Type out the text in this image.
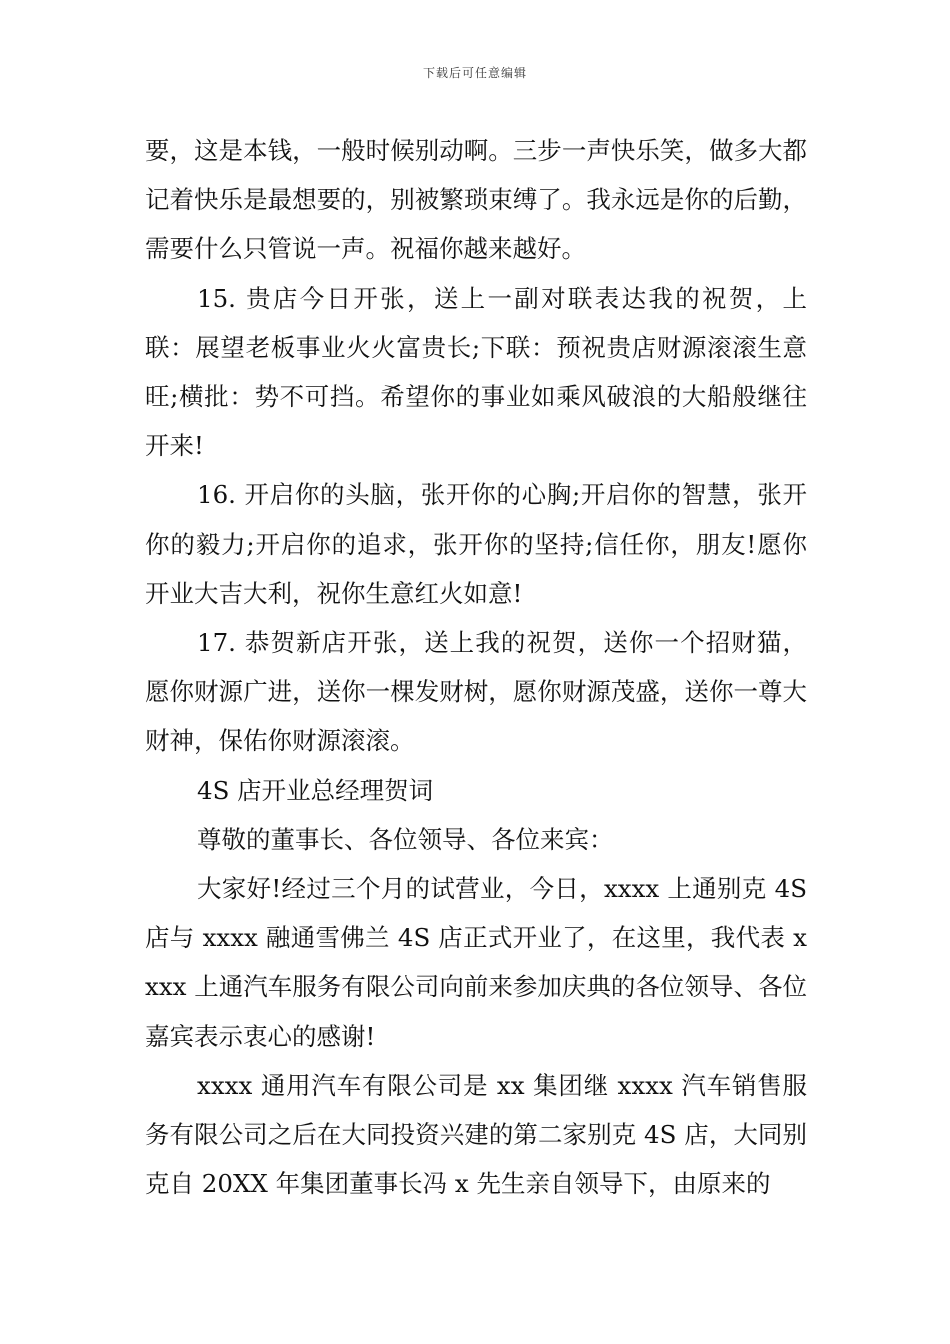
下载后可任意编辑

要，这是本钱，一般时候别动啊。三步一声快乐笑，做多大都记着快乐是最想要的，别被繁琐束缚了。我永远是你的后勤，需要什么只管说一声。祝福你越来越好。

15. 贵店今日开张，送上一副对联表达我的祝贺，上联：展望老板事业火火富贵长;下联：预祝贵店财源滚滚生意旺;横批：势不可挡。希望你的事业如乘风破浪的大船般继往开来!

16. 开启你的头脑，张开你的心胸;开启你的智慧，张开你的毅力;开启你的追求，张开你的坚持;信任你，朋友!愿你开业大吉大利，祝你生意红火如意!

17. 恭贺新店开张，送上我的祝贺，送你一个招财猫，愿你财源广进，送你一棵发财树，愿你财源茂盛，送你一尊大财神，保佑你财源滚滚。

4S 店开业总经理贺词

尊敬的董事长、各位领导、各位来宾：

大家好!经过三个月的试营业，今日，xxxx 上通别克 4S 店与 xxxx 融通雪佛兰 4S 店正式开业了，在这里，我代表 xxxx 上通汽车服务有限公司向前来参加庆典的各位领导、各位嘉宾表示衷心的感谢!

xxxx 通用汽车有限公司是 xx 集团继 xxxx 汽车销售服务有限公司之后在大同投资兴建的第二家别克 4S 店，大同别克自 20XX 年集团董事长冯 x 先生亲自领导下，由原来的
